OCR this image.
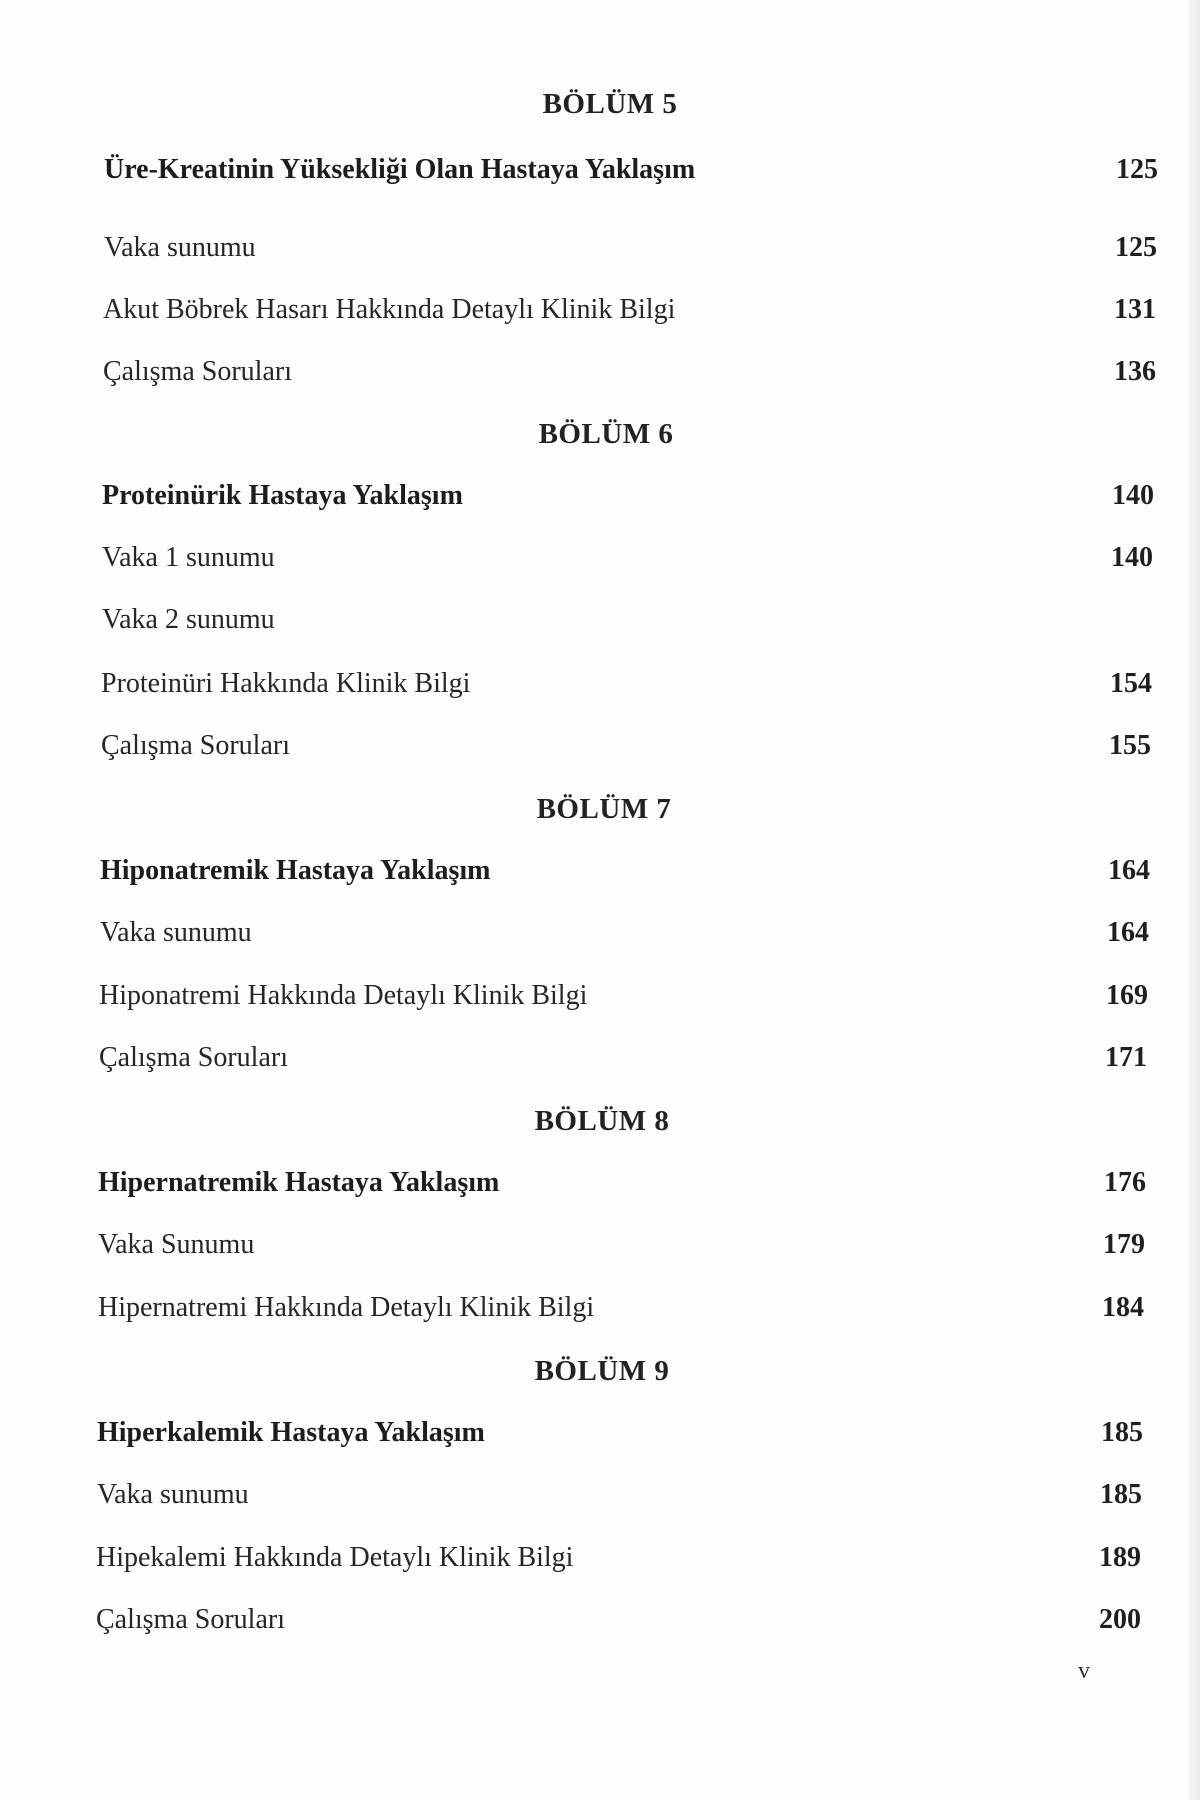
BÖLÜM 5
Üre-Kreatinin Yüksekliği Olan Hastaya Yaklaşım	125
Vaka sunumu	125
Akut Böbrek Hasarı Hakkında Detaylı Klinik Bilgi	131
Çalışma Soruları	136
BÖLÜM 6
Proteinürik Hastaya Yaklaşım	140
Vaka 1 sunumu	140
Vaka 2 sunumu
Proteinüri Hakkında Klinik Bilgi	154
Çalışma Soruları	155
BÖLÜM 7
Hiponatremik Hastaya Yaklaşım	164
Vaka sunumu	164
Hiponatremi Hakkında Detaylı Klinik Bilgi	169
Çalışma Soruları	171
BÖLÜM 8
Hipernatremik Hastaya Yaklaşım	176
Vaka Sunumu	179
Hipernatremi Hakkında Detaylı Klinik Bilgi	184
BÖLÜM 9
Hiperkalemik Hastaya Yaklaşım	185
Vaka sunumu	185
Hipekalemi Hakkında Detaylı Klinik Bilgi	189
Çalışma Soruları	200
v
